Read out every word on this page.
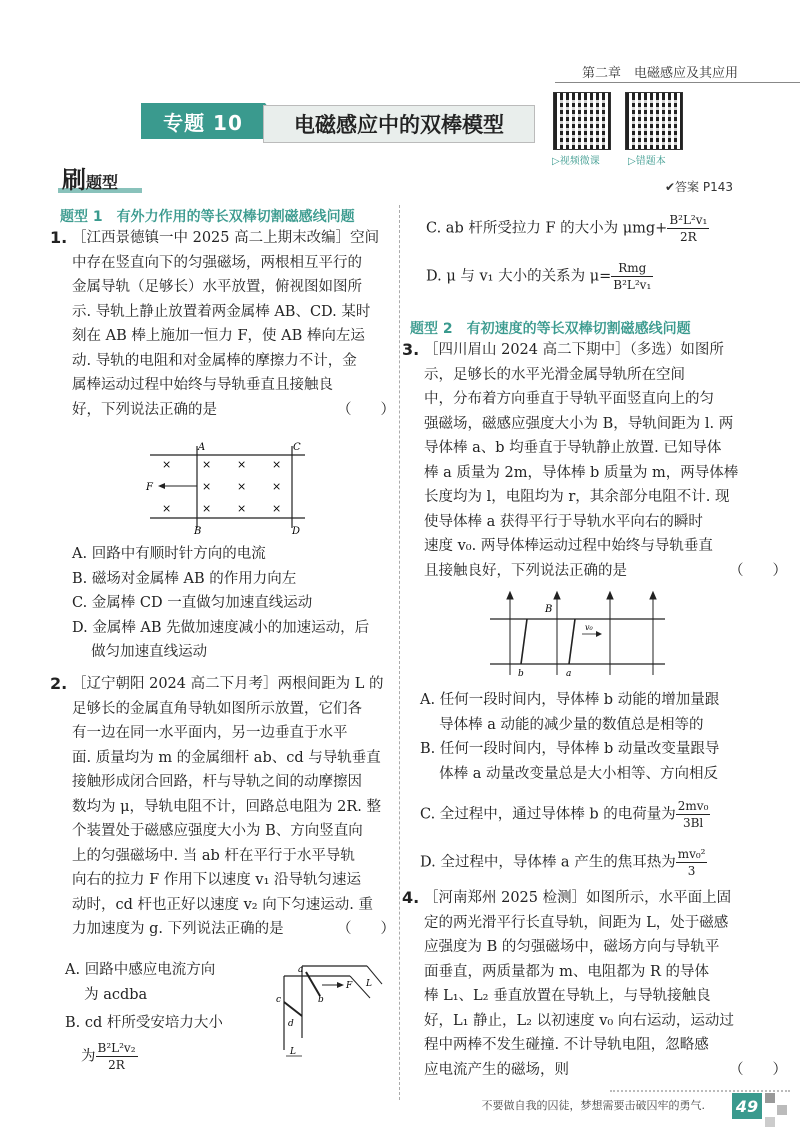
第二章　电磁感应及其应用
专题 10	电磁感应中的双棒模型
▷视频微课	▷错题本
刷题型	✔答案 P143
题型 1　有外力作用的等长双棒切割磁感线问题
1. ［江西景德镇一中 2025 高二上期末改编］空间
中存在竖直向下的匀强磁场，两根相互平行的
金属导轨（足够长）水平放置，俯视图如图所
示. 导轨上静止放置着两金属棒 AB、CD. 某时
刻在 AB 棒上施加一恒力 F，使 AB 棒向左运
动. 导轨的电阻和对金属棒的摩擦力不计，金
属棒运动过程中始终与导轨垂直且接触良
好，下列说法正确的是	（　　）
A	C
B	D
F
×	× × ×
× × ×
×	× × ×
A. 回路中有顺时针方向的电流
B. 磁场对金属棒 AB 的作用力向左
C. 金属棒 CD 一直做匀加速直线运动
D. 金属棒 AB 先做加速度减小的加速运动，后
　 做匀加速直线运动
2. ［辽宁朝阳 2024 高二下月考］两根间距为 L 的
足够长的金属直角导轨如图所示放置，它们各
有一边在同一水平面内，另一边垂直于水平
面. 质量均为 m 的金属细杆 ab、cd 与导轨垂直
接触形成闭合回路，杆与导轨之间的动摩擦因
数均为 μ，导轨电阻不计，回路总电阻为 2R. 整
个装置处于磁感应强度大小为 B、方向竖直向
上的匀强磁场中. 当 ab 杆在平行于水平导轨
向右的拉力 F 作用下以速度 v₁ 沿导轨匀速运
动时，cd 杆也正好以速度 v₂ 向下匀速运动. 重
力加速度为 g. 下列说法正确的是	（　　）
A. 回路中感应电流方向
　 为 acdba
B. cd 杆所受安培力大小
为 $\frac{\text{B²L²v₂}}{2R}$
a
b
c
d
F L
L
C. ab 杆所受拉力 F 的大小为 $\mu mg+ \frac{\text{B²L²v₁}}{2R}$
D. μ 与 v₁ 大小的关系为 $\mu= \frac{\text{Rmg}}{\text{B²L²v₁}}$
题型 2　有初速度的等长双棒切割磁感线问题
3. ［四川眉山 2024 高二下期中］（多选）如图所
示，足够长的水平光滑金属导轨所在空间
中，分布着方向垂直于导轨平面竖直向上的匀
强磁场，磁感应强度大小为 B，导轨间距为 l. 两
导体棒 a、b 均垂直于导轨静止放置. 已知导体
棒 a 质量为 2m，导体棒 b 质量为 m，两导体棒
长度均为 l，电阻均为 r，其余部分电阻不计. 现
使导体棒 a 获得平行于导轨水平向右的瞬时
速度 v₀. 两导体棒运动过程中始终与导轨垂直
且接触良好，下列说法正确的是	（　　）
B
v₀
b	a
A. 任何一段时间内，导体棒 b 动能的增加量跟
　 导体棒 a 动能的减少量的数值总是相等的
B. 任何一段时间内，导体棒 b 动量改变量跟导
　 体棒 a 动量改变量总是大小相等、方向相反
C. 全过程中，通过导体棒 b 的电荷量为 $\frac{\text{2mv₀}}{3Bl}$
D. 全过程中，导体棒 a 产生的焦耳热为 $\frac{\text{mv₀²}}{3}$
4. ［河南郑州 2025 检测］如图所示，水平面上固
定的两光滑平行长直导轨，间距为 L，处于磁感
应强度为 B 的匀强磁场中，磁场方向与导轨平
面垂直，两质量都为 m、电阻都为 R 的导体
棒 L₁、L₂ 垂直放置在导轨上，与导轨接触良
好，L₁ 静止，L₂ 以初速度 v₀ 向右运动，运动过
程中两棒不发生碰撞. 不计导轨电阻，忽略感
应电流产生的磁场，则	（　　）
不要做自我的囚徒，梦想需要击破囚牢的勇气. 49
